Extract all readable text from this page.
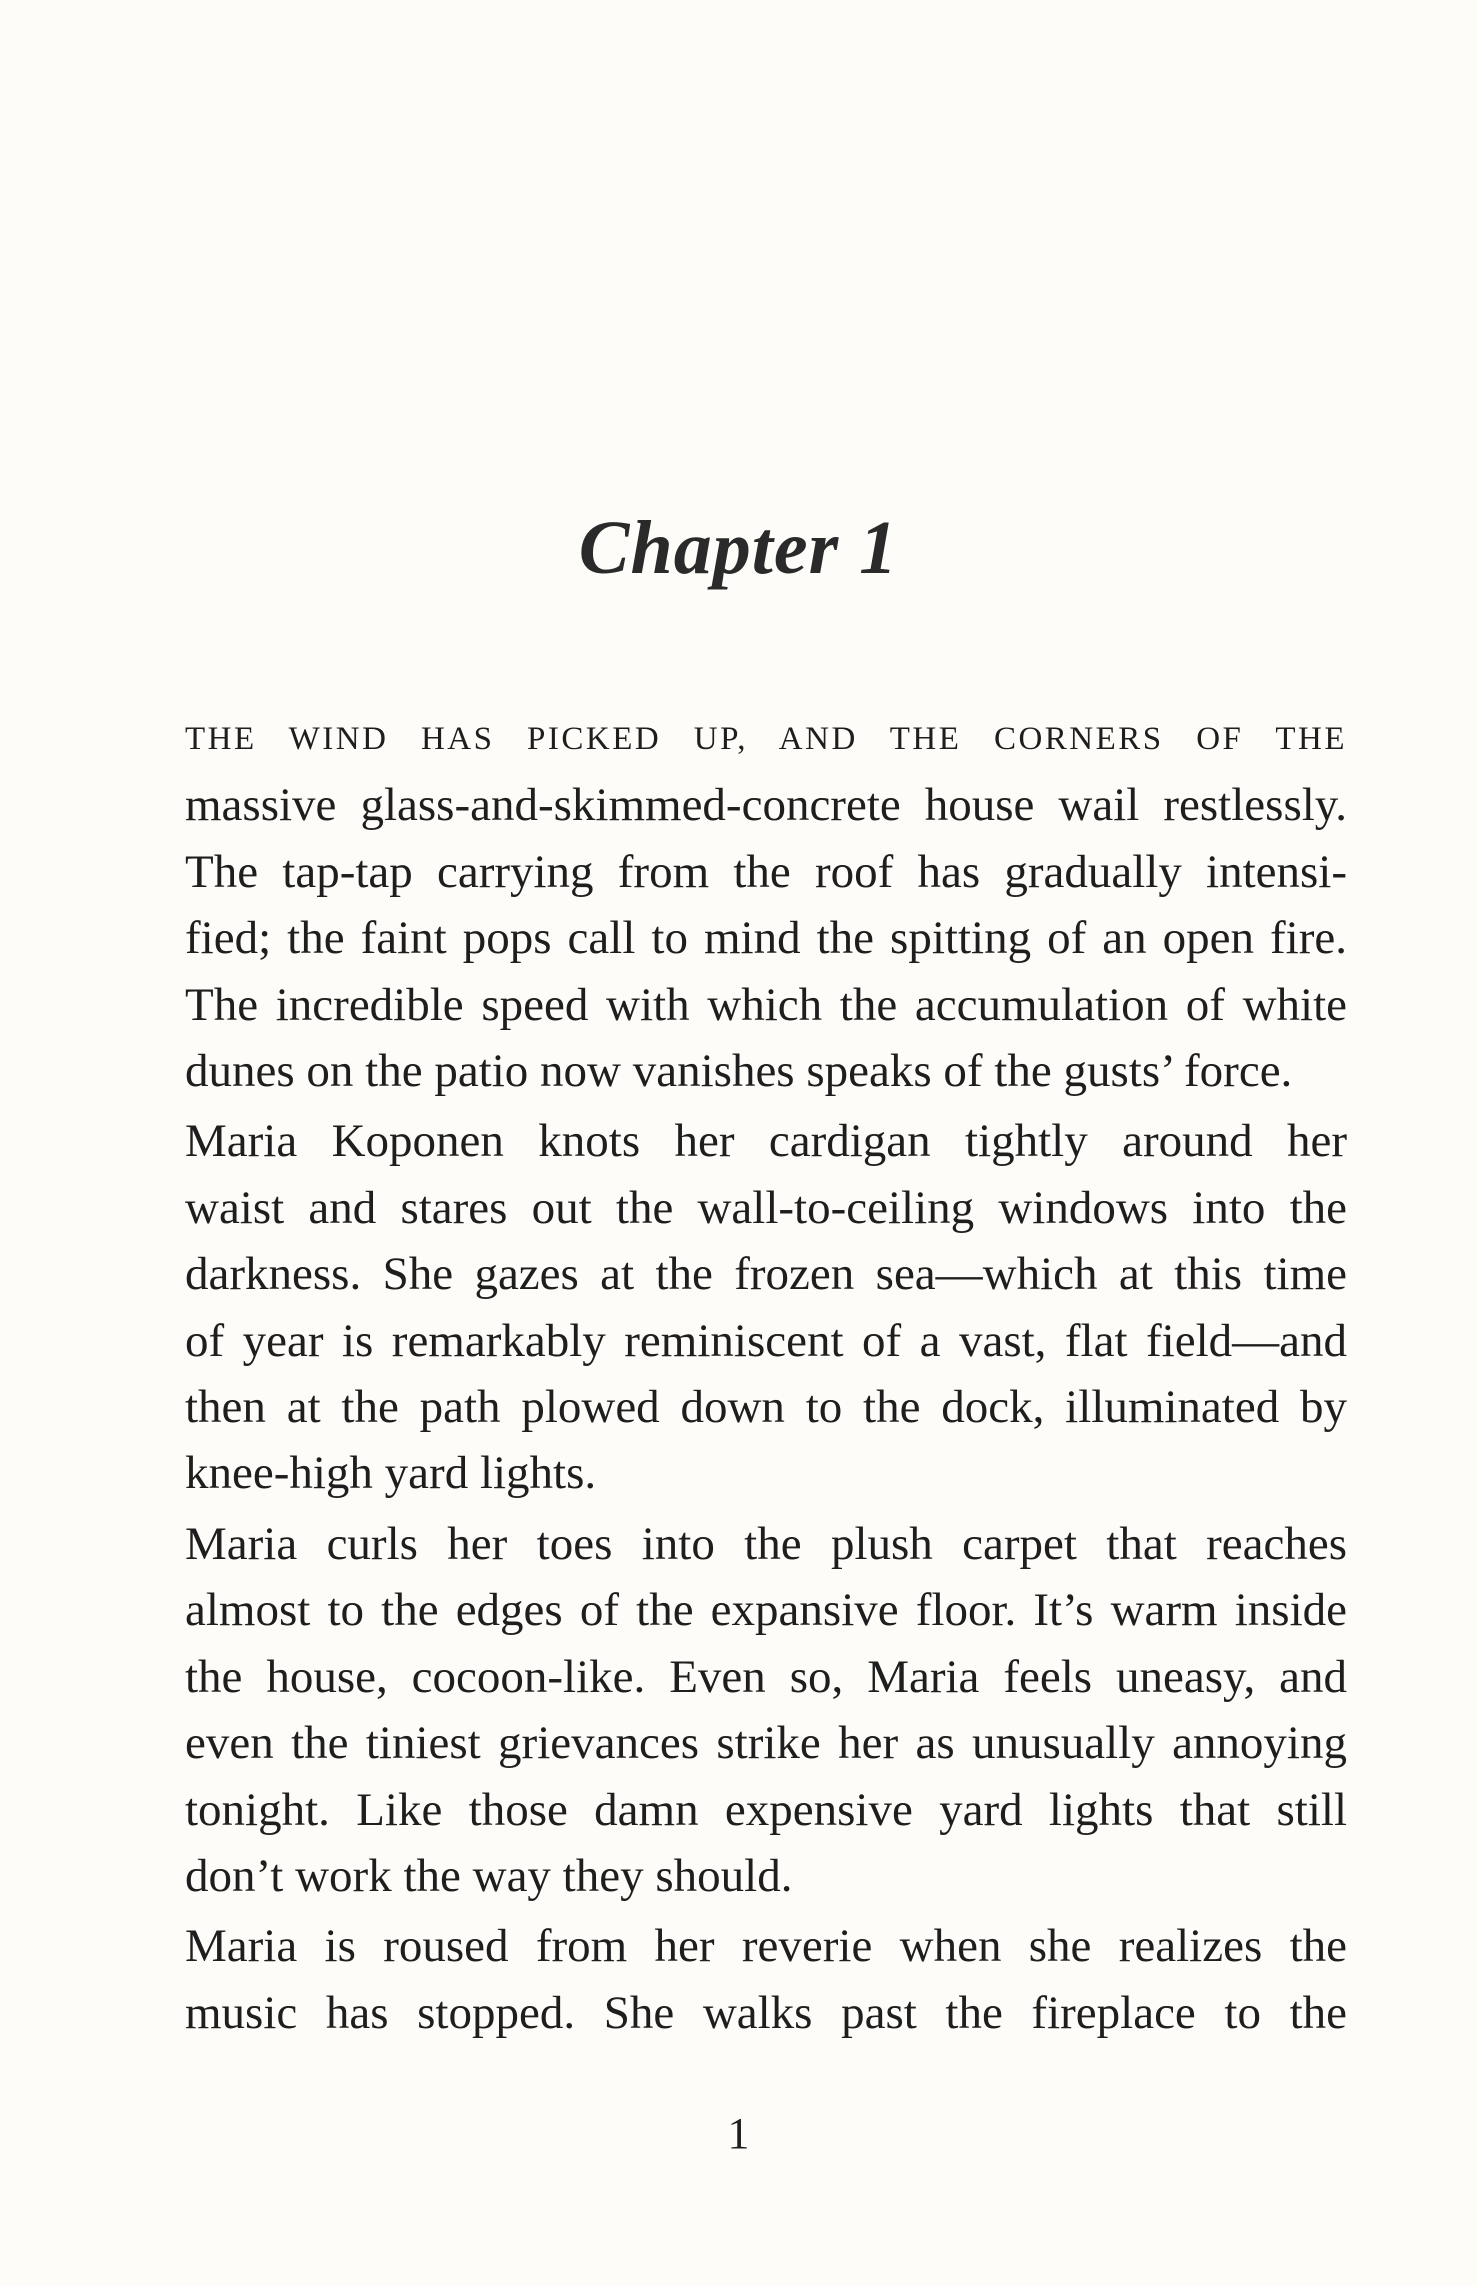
Chapter 1

THE WIND HAS PICKED UP, AND THE CORNERS OF THE
massive glass-and-skimmed-concrete house wail restlessly.
The tap-tap carrying from the roof has gradually intensi-
fied; the faint pops call to mind the spitting of an open fire.
The incredible speed with which the accumulation of white
dunes on the patio now vanishes speaks of the gusts’ force.

Maria Koponen knots her cardigan tightly around her
waist and stares out the wall-to-ceiling windows into the
darkness. She gazes at the frozen sea—which at this time
of year is remarkably reminiscent of a vast, flat field—and
then at the path plowed down to the dock, illuminated by
knee-high yard lights.

Maria curls her toes into the plush carpet that reaches
almost to the edges of the expansive floor. It’s warm inside
the house, cocoon-like. Even so, Maria feels uneasy, and
even the tiniest grievances strike her as unusually annoying
tonight. Like those damn expensive yard lights that still
don’t work the way they should.

Maria is roused from her reverie when she realizes the
music has stopped. She walks past the fireplace to the

1
